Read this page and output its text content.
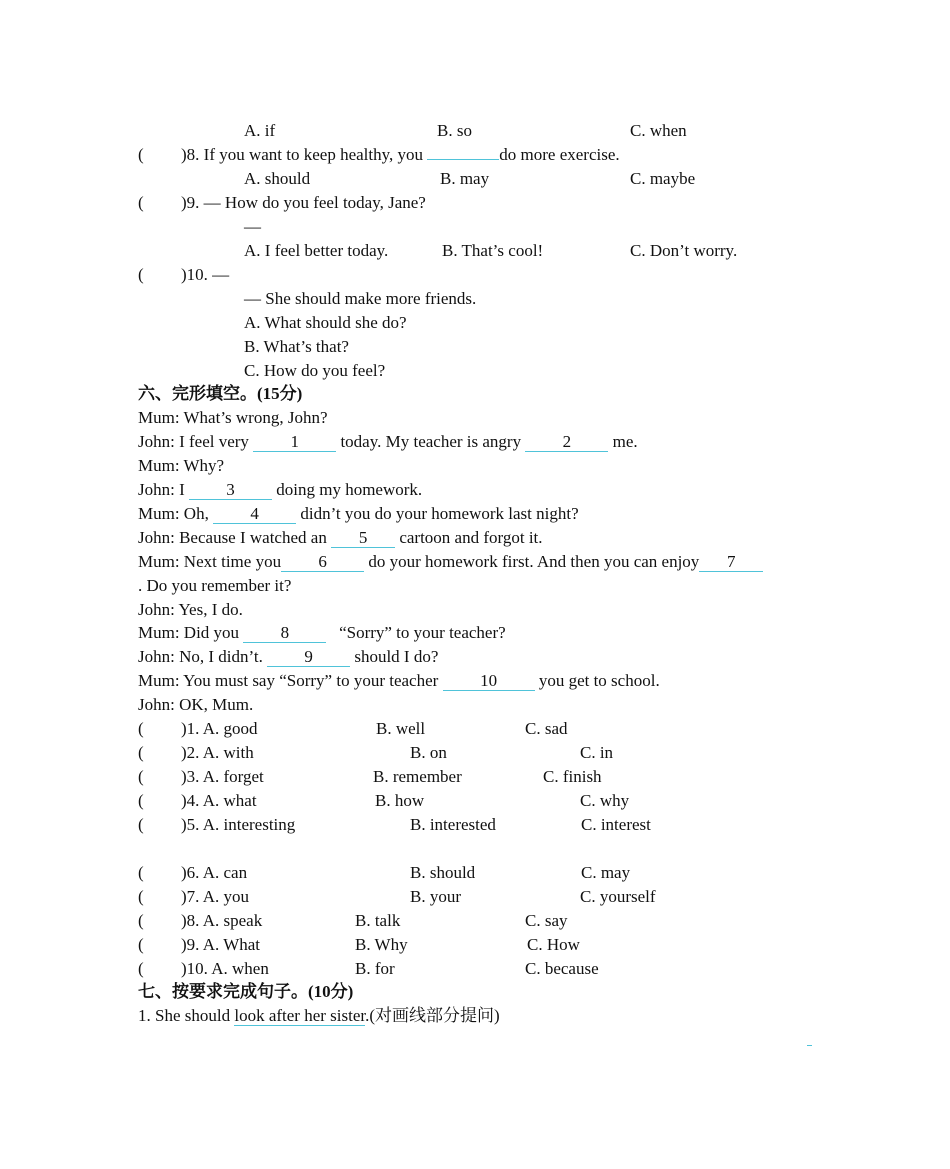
A. if	B. so	C. when
( )8. If you want to keep healthy, you	do more exercise.
A. should	B. may	C. maybe
( )9. — How do you feel today, Jane?
—
A. I feel better today.	B. That’s cool!	C. Don’t worry.
( )10. —
— She should make more friends.
A. What should she do?
B. What’s that?
C. How do you feel?
六、完形填空。(15分)
Mum: What’s wrong, John?
John: I feel very 1 today. My teacher is angry 2 me.
Mum: Why?
John: I 3 doing my homework.
Mum: Oh, 4 didn’t you do your homework last night?
John: Because I watched an 5 cartoon and forgot it.
Mum: Next time you 6 do your homework first. And then you can enjoy 7
. Do you remember it?
John: Yes, I do.
Mum: Did you 8	“Sorry” to your teacher?
John: No, I didn’t. 9 should I do?
Mum: You must say “Sorry” to your teacher 10 you get to school.
John: OK, Mum.
( )1. A. good	B. well	C. sad
( )2. A. with	B. on	C. in
( )3. A. forget	B. remember	C. finish
( )4. A. what	B. how	C. why
( )5. A. interesting	B. interested	C. interest
( )6. A. can	B. should	C. may
( )7. A. you	B. your	C. yourself
( )8. A. speak	B. talk	C. say
( )9. A. What	B. Why	C. How
( )10. A. when	B. for	C. because
七、按要求完成句子。(10分)
1. She should look after her sister.(对画线部分提问)
